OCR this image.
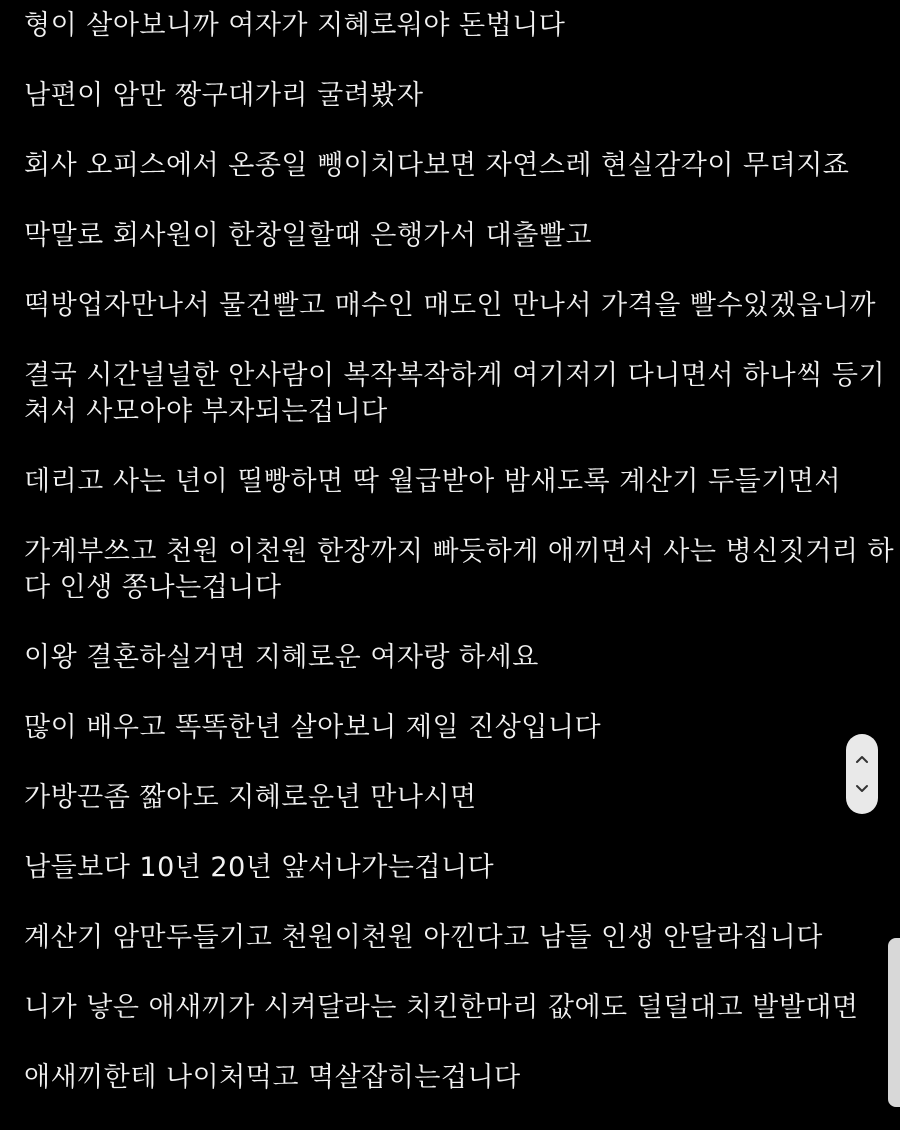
형이 살아보니까 여자가 지혜로워야 돈법니다

남편이 암만 짱구대가리 굴려봤자

회사 오피스에서 온종일 뺑이치다보면 자연스레 현실감각이 무뎌지죠

막말로 회사원이 한창일할때 은행가서 대출빨고

떡방업자만나서 물건빨고 매수인 매도인 만나서 가격을 빨수있겠읍니까

결국 시간널널한 안사람이 복작복작하게 여기저기 다니면서 하나씩 등기쳐서 사모아야 부자되는겁니다

데리고 사는 년이 띨빵하면 딱 월급받아 밤새도록 계산기 두들기면서

가계부쓰고 천원 이천원 한장까지 빠듯하게 애끼면서 사는 병신짓거리 하다 인생 쫑나는겁니다

이왕 결혼하실거면 지혜로운 여자랑 하세요

많이 배우고 똑똑한년 살아보니 제일 진상입니다

가방끈좀 짧아도 지혜로운년 만나시면

남들보다 10년 20년 앞서나가는겁니다

계산기 암만두들기고 천원이천원 아낀다고 남들 인생 안달라집니다

니가 낳은 애새끼가 시켜달라는 치킨한마리 값에도 덜덜대고 발발대면

애새끼한테 나이처먹고 멱살잡히는겁니다
